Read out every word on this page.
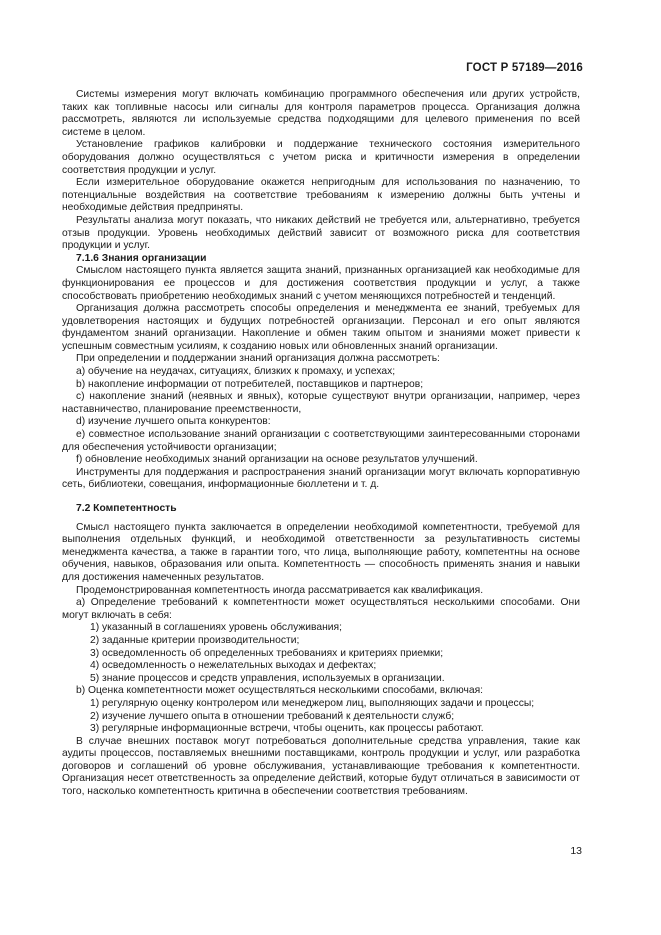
ГОСТ Р 57189—2016

Системы измерения могут включать комбинацию программного обеспечения или других устройств, таких как топливные насосы или сигналы для контроля параметров процесса. Организация должна рассмотреть, являются ли используемые средства подходящими для целевого применения по всей системе в целом.

Установление графиков калибровки и поддержание технического состояния измерительного оборудования должно осуществляться с учетом риска и критичности измерения в определении соответствия продукции и услуг.

Если измерительное оборудование окажется непригодным для использования по назначению, то потенциальные воздействия на соответствие требованиям к измерению должны быть учтены и необходимые действия предприняты.

Результаты анализа могут показать, что никаких действий не требуется или, альтернативно, требуется отзыв продукции. Уровень необходимых действий зависит от возможного риска для соответствия продукции и услуг.

7.1.6 Знания организации

Смыслом настоящего пункта является защита знаний, признанных организацией как необходимые для функционирования ее процессов и для достижения соответствия продукции и услуг, а также способствовать приобретению необходимых знаний с учетом меняющихся потребностей и тенденций.

Организация должна рассмотреть способы определения и менеджмента ее знаний, требуемых для удовлетворения настоящих и будущих потребностей организации. Персонал и его опыт являются фундаментом знаний организации. Накопление и обмен таким опытом и знаниями может привести к успешным совместным усилиям, к созданию новых или обновленных знаний организации.

При определении и поддержании знаний организация должна рассмотреть:

a) обучение на неудачах, ситуациях, близких к промаху, и успехах;

b) накопление информации от потребителей, поставщиков и партнеров;

c) накопление знаний (неявных и явных), которые существуют внутри организации, например, через наставничество, планирование преемственности,

d) изучение лучшего опыта конкурентов:

e) совместное использование знаний организации с соответствующими заинтересованными сторонами для обеспечения устойчивости организации;

f) обновление необходимых знаний организации на основе результатов улучшений.

Инструменты для поддержания и распространения знаний организации могут включать корпоративную сеть, библиотеки, совещания, информационные бюллетени и т. д.

7.2 Компетентность

Смысл настоящего пункта заключается в определении необходимой компетентности, требуемой для выполнения отдельных функций, и необходимой ответственности за результативность системы менеджмента качества, а также в гарантии того, что лица, выполняющие работу, компетентны на основе обучения, навыков, образования или опыта. Компетентность — способность применять знания и навыки для достижения намеченных результатов.

Продемонстрированная компетентность иногда рассматривается как квалификация.

a) Определение требований к компетентности может осуществляться несколькими способами. Они могут включать в себя:

1) указанный в соглашениях уровень обслуживания;

2) заданные критерии производительности;

3) осведомленность об определенных требованиях и критериях приемки;

4) осведомленность о нежелательных выходах и дефектах;

5) знание процессов и средств управления, используемых в организации.

b) Оценка компетентности может осуществляться несколькими способами, включая:

1) регулярную оценку контролером или менеджером лиц, выполняющих задачи и процессы;

2) изучение лучшего опыта в отношении требований к деятельности служб;

3) регулярные информационные встречи, чтобы оценить, как процессы работают.

В случае внешних поставок могут потребоваться дополнительные средства управления, такие как аудиты процессов, поставляемых внешними поставщиками, контроль продукции и услуг, или разработка договоров и соглашений об уровне обслуживания, устанавливающие требования к компетентности. Организация несет ответственность за определение действий, которые будут отличаться в зависимости от того, насколько компетентность критична в обеспечении соответствия требованиям.

13
